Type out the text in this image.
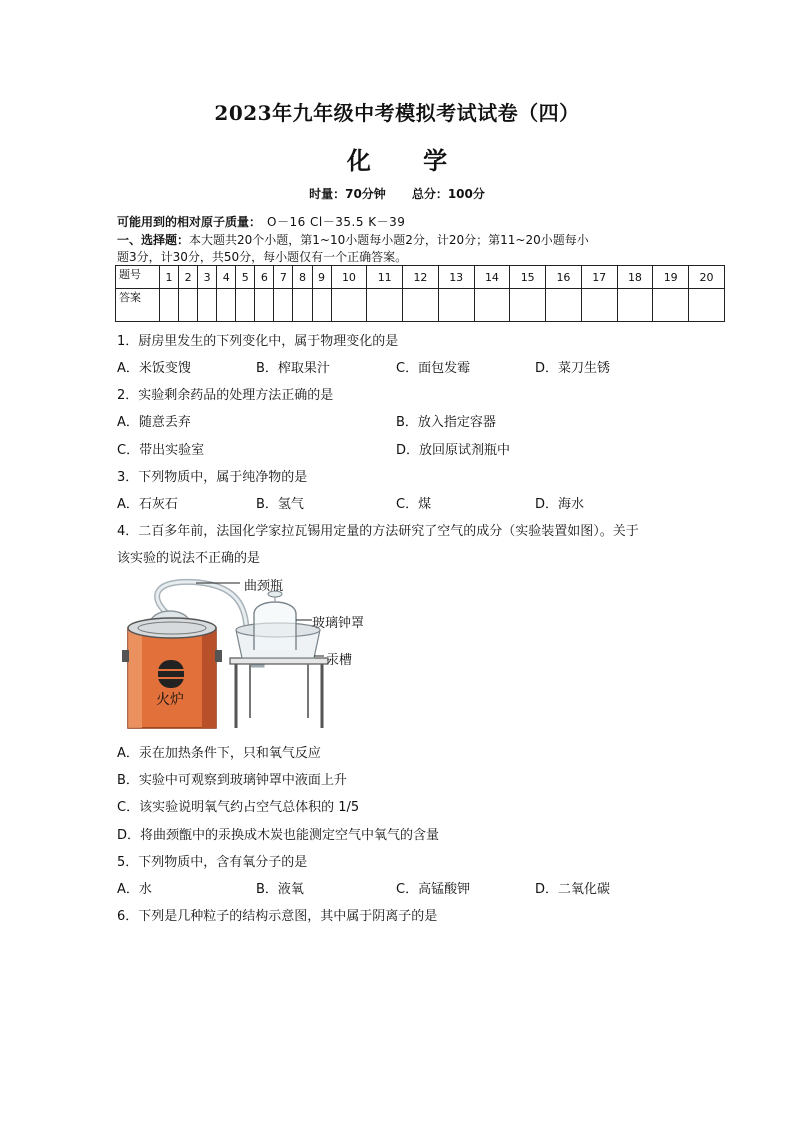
2023年九年级中考模拟考试试卷（四）
化 学
时量：70分钟 总分：100分
可能用到的相对原子质量： O－16 Cl－35.5 K－39
一、选择题：本大题共20个小题，第1~10小题每小题2分，计20分；第11~20小题每小
题3分，计30分，共50分，每小题仅有一个正确答案。
题号	1	2	3	4	5	6	7	8	9	10	11	12	13	14	15	16	17	18	19	20
答案																				
1．厨房里发生的下列变化中，属于物理变化的是
A．米饭变馊	B．榨取果汁	C．面包发霉	D．菜刀生锈
2．实验剩余药品的处理方法正确的是
A．随意丢弃	B．放入指定容器
C．带出实验室	D．放回原试剂瓶中
3．下列物质中，属于纯净物的是
A．石灰石	B．氢气	C．煤	D．海水
4．二百多年前，法国化学家拉瓦锡用定量的方法研究了空气的成分（实验装置如图）。关于
该实验的说法不正确的是
火炉
曲颈瓶
玻璃钟罩
汞槽
A．汞在加热条件下，只和氧气反应
B．实验中可观察到玻璃钟罩中液面上升
C．该实验说明氧气约占空气总体积的 1/5
D．将曲颈甑中的汞换成木炭也能测定空气中氧气的含量
5．下列物质中，含有氧分子的是
A．水	B．液氧	C．高锰酸钾	D．二氧化碳
6．下列是几种粒子的结构示意图，其中属于阴离子的是
